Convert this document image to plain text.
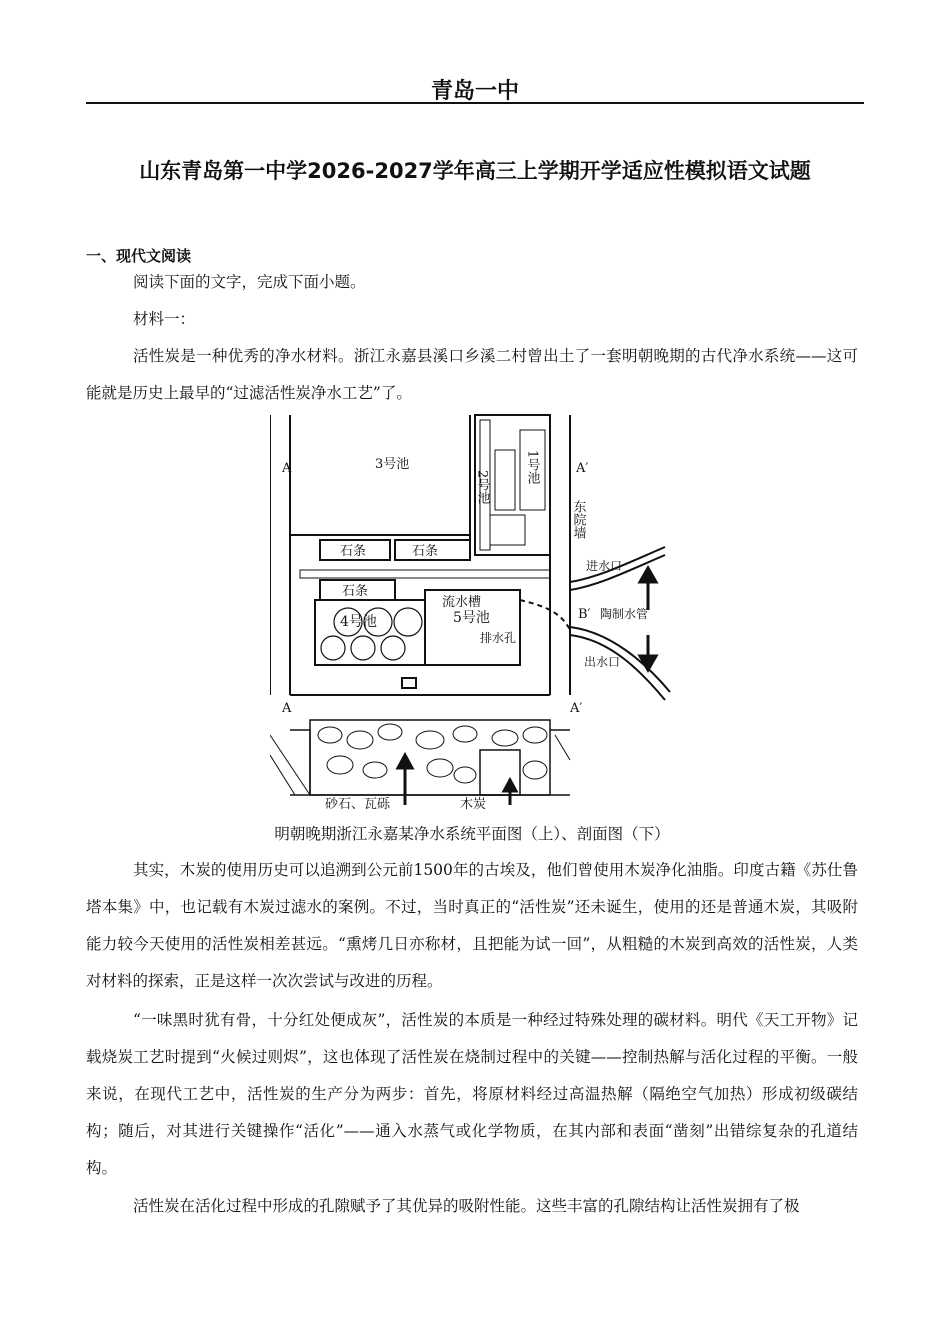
青岛一中
山东青岛第一中学2026-2027学年高三上学期开学适应性模拟语文试题
一、现代文阅读

阅读下面的文字，完成下面小题。

材料一：

活性炭是一种优秀的净水材料。浙江永嘉县溪口乡溪二村曾出土了一套明朝晚期的古代净水系统——这可能就是历史上最早的“过滤活性炭净水工艺”了。

A	A′
A	A′
B′
3号池
2号池
1号池
东院墙
石条	石条
石条
4号池
流水槽
5号池
排水孔
进水口
陶制水管
出水口
砂石、瓦砾	木炭
明朝晚期浙江永嘉某净水系统平面图（上）、剖面图（下）

其实，木炭的使用历史可以追溯到公元前1500年的古埃及，他们曾使用木炭净化油脂。印度古籍《苏仕鲁塔本集》中，也记载有木炭过滤水的案例。不过，当时真正的“活性炭”还未诞生，使用的还是普通木炭，其吸附能力较今天使用的活性炭相差甚远。“熏烤几日亦称材，且把能为试一回”，从粗糙的木炭到高效的活性炭，人类对材料的探索，正是这样一次次尝试与改进的历程。

“一味黑时犹有骨，十分红处便成灰”，活性炭的本质是一种经过特殊处理的碳材料。明代《天工开物》记载烧炭工艺时提到“火候过则烬”，这也体现了活性炭在烧制过程中的关键——控制热解与活化过程的平衡。一般来说，在现代工艺中，活性炭的生产分为两步：首先，将原材料经过高温热解（隔绝空气加热）形成初级碳结构；随后，对其进行关键操作“活化”——通入水蒸气或化学物质，在其内部和表面“凿刻”出错综复杂的孔道结构。

活性炭在活化过程中形成的孔隙赋予了其优异的吸附性能。这些丰富的孔隙结构让活性炭拥有了极
